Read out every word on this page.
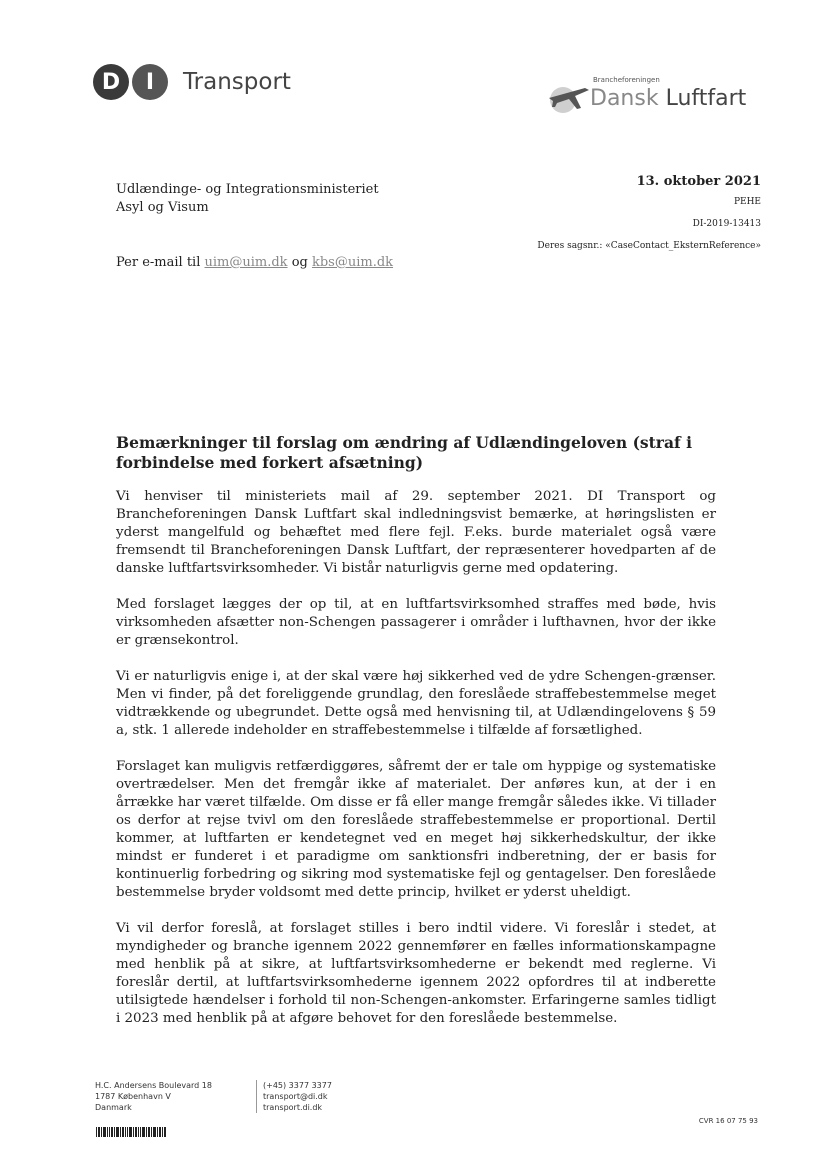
D	I	Transport	Brancheforeningen
Dansk Luftfart
Udlændinge- og Integrationsministeriet
Asyl og Visum
Per e-mail til uim@uim.dk og kbs@uim.dk
13. oktober 2021
PEHE
DI-2019-13413
Deres sagsnr.: «CaseContact_EksternReference»
Bemærkninger til forslag om ændring af Udlændingeloven (straf i forbindelse med forkert afsætning)

Vi henviser til ministeriets mail af 29. september 2021. DI Transport og Brancheforeningen Dansk Luftfart skal indledningsvist bemærke, at høringslisten er yderst mangelfuld og behæftet med flere fejl. F.eks. burde materialet også være fremsendt til Brancheforeningen Dansk Luftfart, der repræsenterer hovedparten af de danske luftfartsvirksomheder. Vi bistår naturligvis gerne med opdatering.

Med forslaget lægges der op til, at en luftfartsvirksomhed straffes med bøde, hvis virksomheden afsætter non-Schengen passagerer i områder i lufthavnen, hvor der ikke er grænsekontrol.

Vi er naturligvis enige i, at der skal være høj sikkerhed ved de ydre Schengen-grænser. Men vi finder, på det foreliggende grundlag, den foreslåede straffebestemmelse meget vidtrækkende og ubegrundet. Dette også med henvisning til, at Udlændingelovens § 59 a, stk. 1 allerede indeholder en straffebestemmelse i tilfælde af forsætlighed.

Forslaget kan muligvis retfærdiggøres, såfremt der er tale om hyppige og systematiske overtrædelser. Men det fremgår ikke af materialet. Der anføres kun, at der i en årrække har været tilfælde. Om disse er få eller mange fremgår således ikke. Vi tillader os derfor at rejse tvivl om den foreslåede straffebestemmelse er proportional. Dertil kommer, at luftfarten er kendetegnet ved en meget høj sikkerhedskultur, der ikke mindst er funderet i et paradigme om sanktionsfri indberetning, der er basis for kontinuerlig forbedring og sikring mod systematiske fejl og gentagelser. Den foreslåede bestemmelse bryder voldsomt med dette princip, hvilket er yderst uheldigt.

Vi vil derfor foreslå, at forslaget stilles i bero indtil videre. Vi foreslår i stedet, at myndigheder og branche igennem 2022 gennemfører en fælles informationskampagne med henblik på at sikre, at luftfartsvirksomhederne er bekendt med reglerne. Vi foreslår dertil, at luftfartsvirksomhederne igennem 2022 opfordres til at indberette utilsigtede hændelser i forhold til non-Schengen-ankomster. Erfaringerne samles tidligt i 2023 med henblik på at afgøre behovet for den foreslåede bestemmelse.

H.C. Andersens Boulevard 18
1787 København V
Danmark
(+45) 3377 3377
transport@di.dk
transport.di.dk
CVR 16 07 75 93
